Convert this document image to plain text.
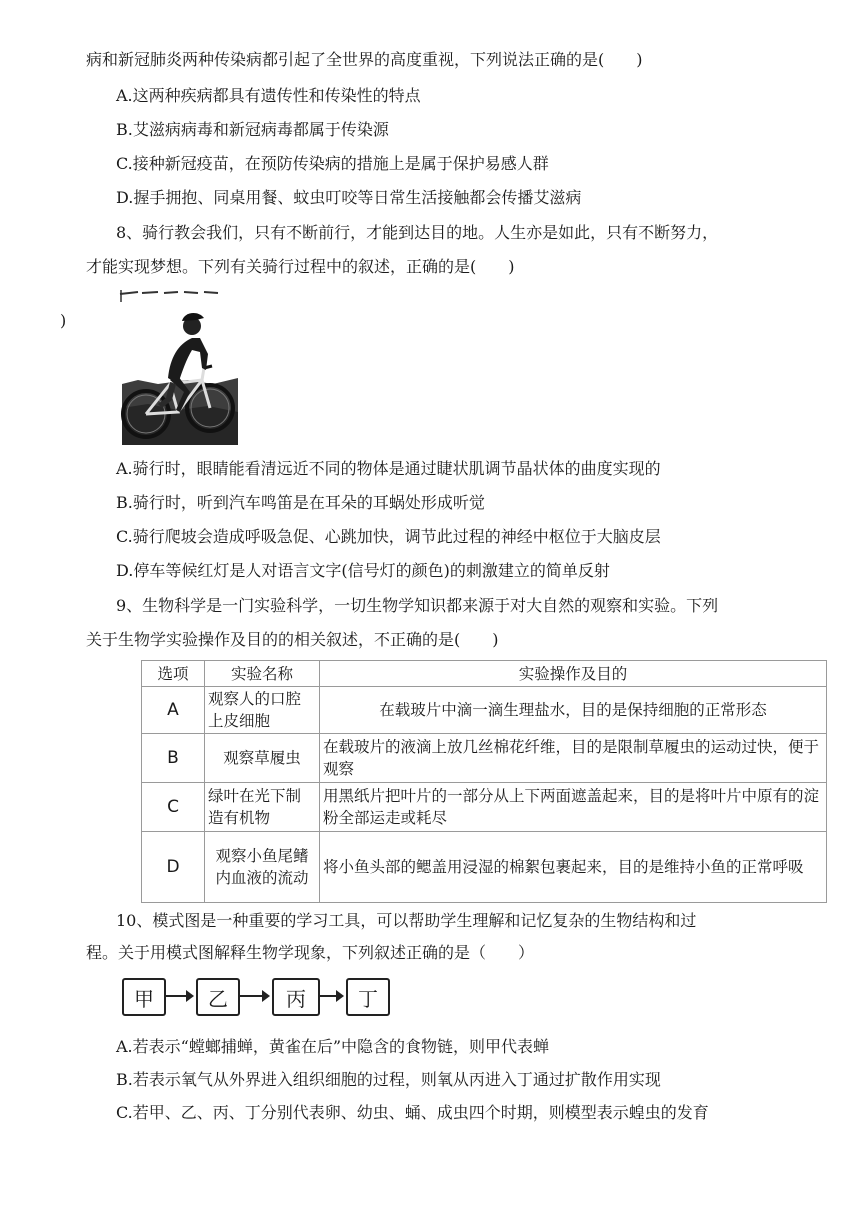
病和新冠肺炎两种传染病都引起了全世界的高度重视，下列说法正确的是(　　)
A.这两种疾病都具有遗传性和传染性的特点
B.艾滋病病毒和新冠病毒都属于传染源
C.接种新冠疫苗，在预防传染病的措施上是属于保护易感人群
D.握手拥抱、同桌用餐、蚊虫叮咬等日常生活接触都会传播艾滋病
8、骑行教会我们，只有不断前行，才能到达目的地。人生亦是如此，只有不断努力，
才能实现梦想。下列有关骑行过程中的叙述，正确的是(　　)
)
A.骑行时，眼睛能看清远近不同的物体是通过睫状肌调节晶状体的曲度实现的
B.骑行时，听到汽车鸣笛是在耳朵的耳蜗处形成听觉
C.骑行爬坡会造成呼吸急促、心跳加快，调节此过程的神经中枢位于大脑皮层
D.停车等候红灯是人对语言文字(信号灯的颜色)的刺激建立的简单反射
9、生物科学是一门实验科学，一切生物学知识都来源于对大自然的观察和实验。下列
关于生物学实验操作及目的的相关叙述，不正确的是(　　)
选项	实验名称	实验操作及目的
A	观察人的口腔上皮细胞	在载玻片中滴一滴生理盐水，目的是保持细胞的正常形态
B	观察草履虫	在载玻片的液滴上放几丝棉花纤维，目的是限制草履虫的运动过快，便于观察
C	绿叶在光下制造有机物	用黑纸片把叶片的一部分从上下两面遮盖起来，目的是将叶片中原有的淀粉全部运走或耗尽
D	观察小鱼尾鳍内血液的流动	将小鱼头部的鳃盖用浸湿的棉絮包裹起来，目的是维持小鱼的正常呼吸
10、模式图是一种重要的学习工具，可以帮助学生理解和记忆复杂的生物结构和过
程。关于用模式图解释生物学现象，下列叙述正确的是（　　）
甲	乙	丙	丁
A.若表示“螳螂捕蝉，黄雀在后”中隐含的食物链，则甲代表蝉
B.若表示氧气从外界进入组织细胞的过程，则氧从丙进入丁通过扩散作用实现
C.若甲、乙、丙、丁分别代表卵、幼虫、蛹、成虫四个时期，则模型表示蝗虫的发育
